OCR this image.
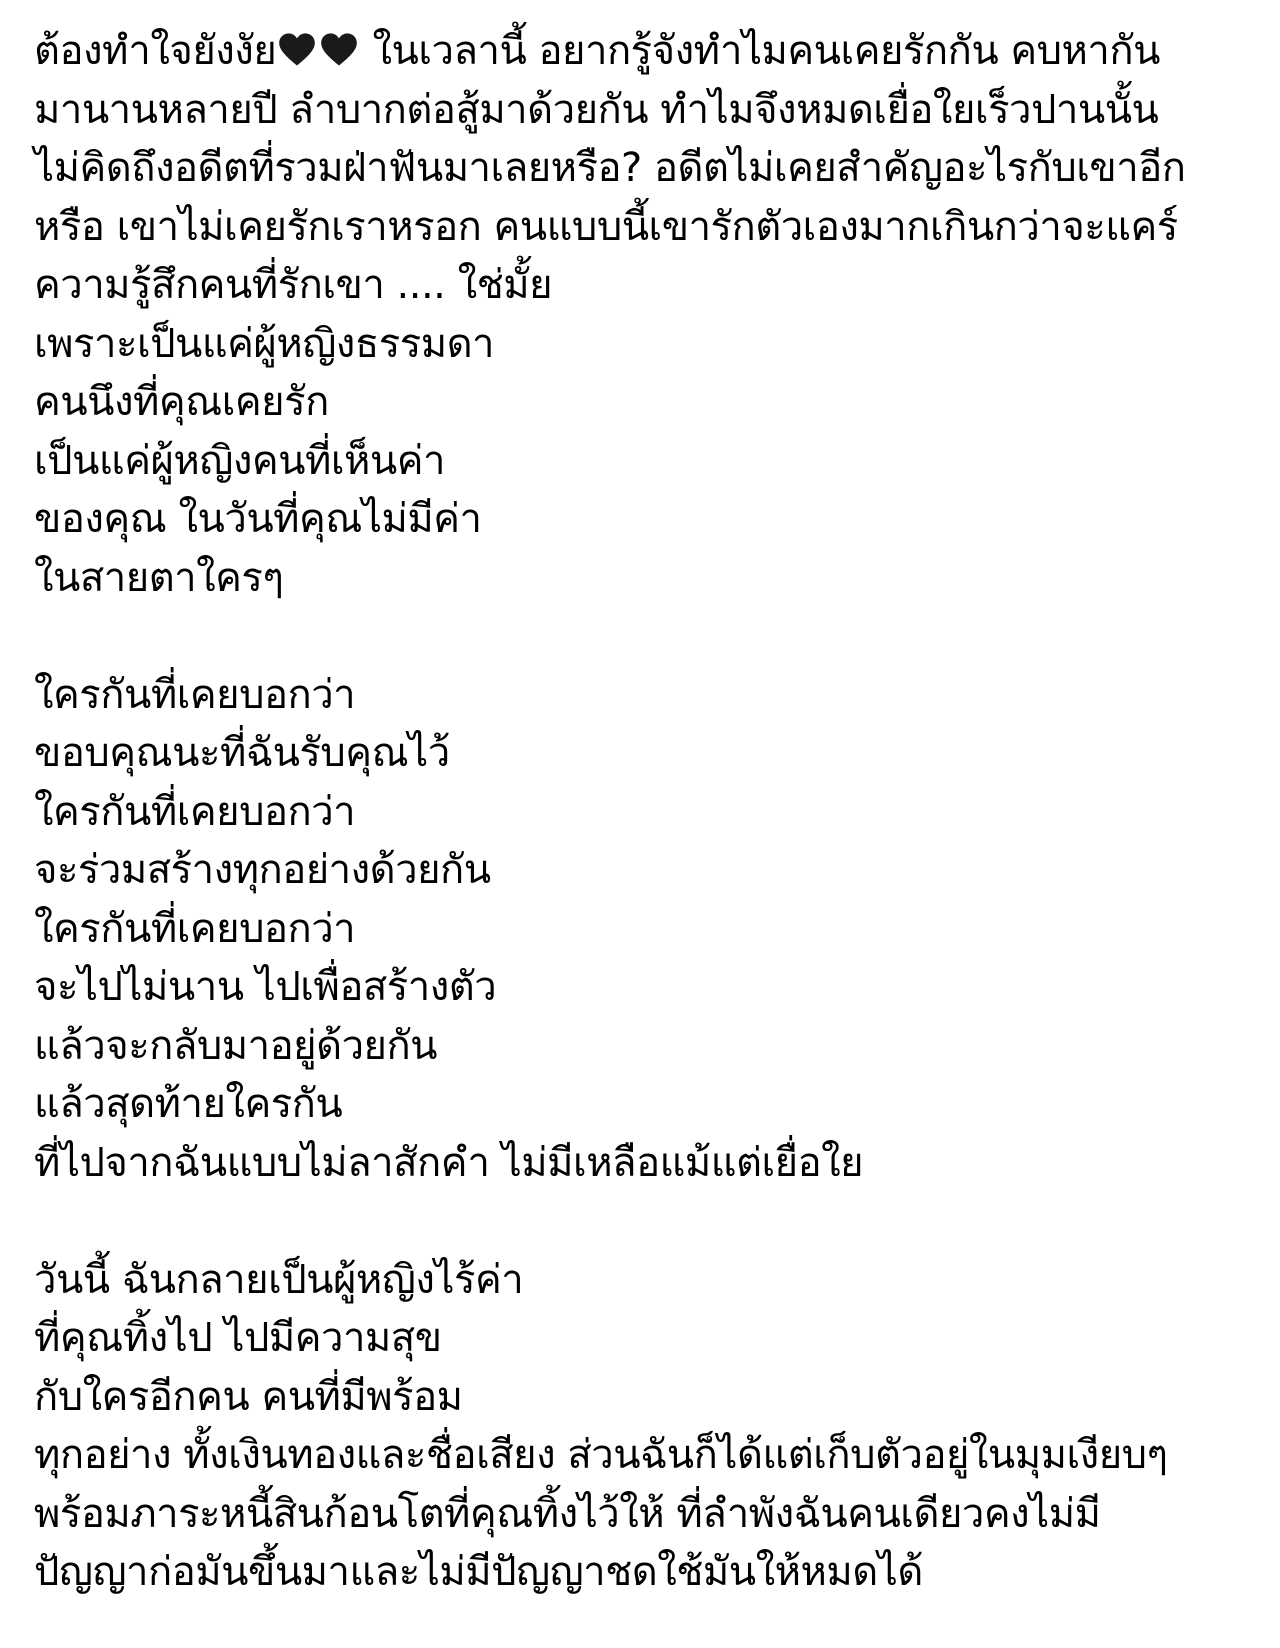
ต้องทำใจยังงัย
ในเวลานี้ อยากรู้จังทำไมคนเคยรักกัน คบหากัน
มานานหลายปี ลำบากต่อสู้มาด้วยกัน ทำไมจึงหมดเยื่อใยเร็วปานนั้น
ไม่คิดถึงอดีตที่รวมฝ่าฟันมาเลยหรือ? อดีตไม่เคยสำคัญอะไรกับเขาอีก
หรือ เขาไม่เคยรักเราหรอก คนแบบนี้เขารักตัวเองมากเกินกว่าจะแคร์
ความรู้สึกคนที่รักเขา .... ใช่มั้ย
เพราะเป็นแค่ผู้หญิงธรรมดา
คนนึงที่คุณเคยรัก
เป็นแค่ผู้หญิงคนที่เห็นค่า
ของคุณ ในวันที่คุณไม่มีค่า
ในสายตาใครๆ
ใครกันที่เคยบอกว่า
ขอบคุณนะที่ฉันรับคุณไว้
ใครกันที่เคยบอกว่า
จะร่วมสร้างทุกอย่างด้วยกัน
ใครกันที่เคยบอกว่า
จะไปไม่นาน ไปเพื่อสร้างตัว
แล้วจะกลับมาอยู่ด้วยกัน
แล้วสุดท้ายใครกัน
ที่ไปจากฉันแบบไม่ลาสักคำ ไม่มีเหลือแม้แต่เยื่อใย
วันนี้ ฉันกลายเป็นผู้หญิงไร้ค่า
ที่คุณทิ้งไป ไปมีความสุข
กับใครอีกคน คนที่มีพร้อม
ทุกอย่าง ทั้งเงินทองและชื่อเสียง ส่วนฉันก็ได้แต่เก็บตัวอยู่ในมุมเงียบๆ
พร้อมภาระหนี้สินก้อนโตที่คุณทิ้งไว้ให้ ที่ลำพังฉันคนเดียวคงไม่มี
ปัญญาก่อมันขึ้นมาและไม่มีปัญญาชดใช้มันให้หมดได้
